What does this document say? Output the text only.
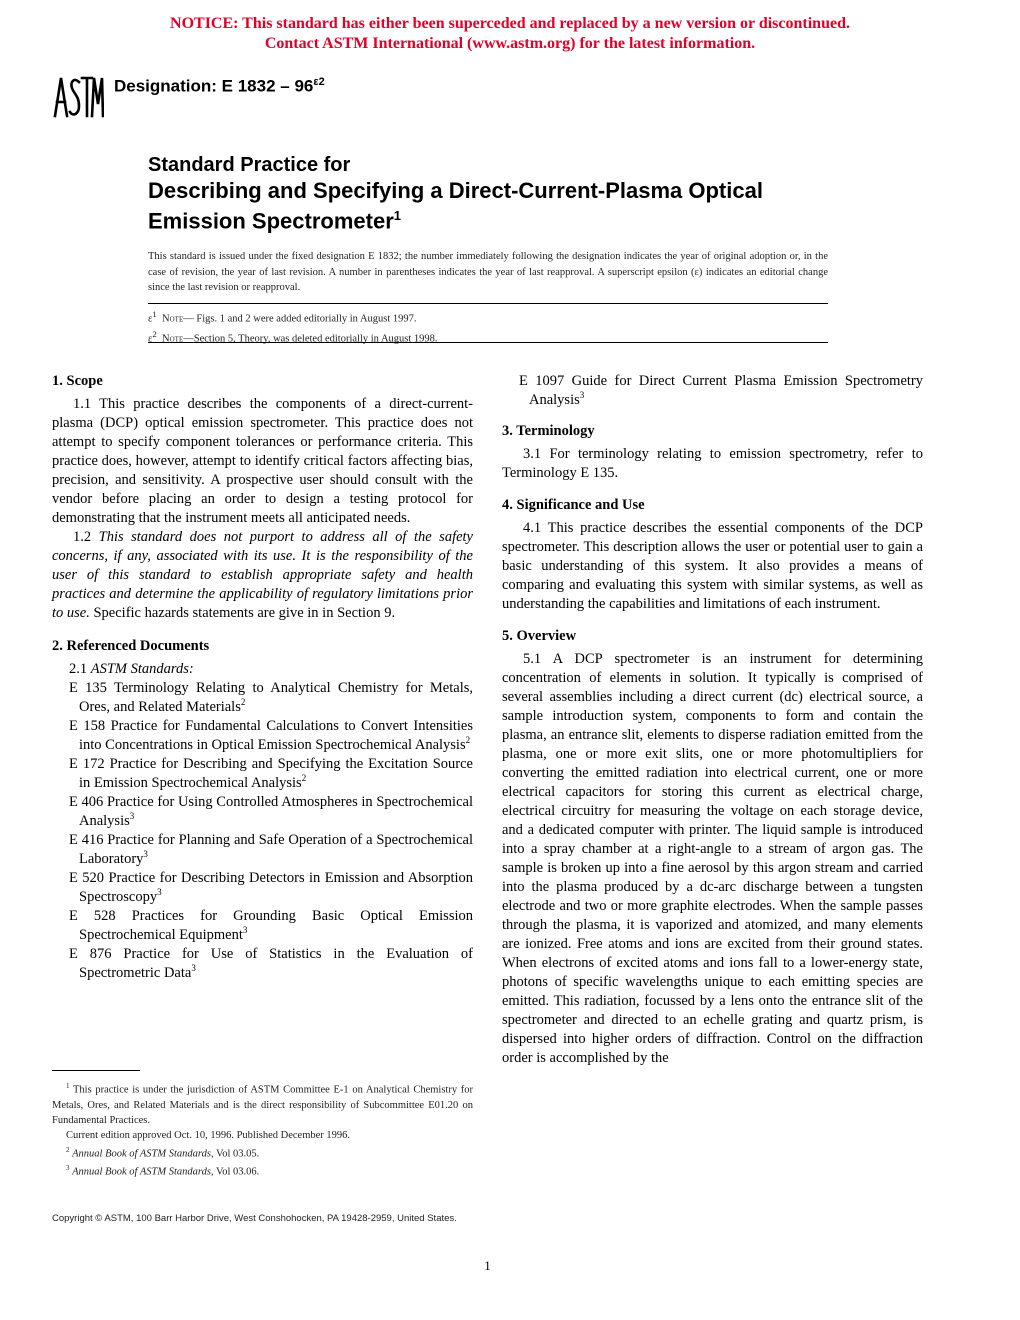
NOTICE: This standard has either been superceded and replaced by a new version or discontinued.
Contact ASTM International (www.astm.org) for the latest information.
Designation: E $1832 - 96^{\varepsilon 2}$
Standard Practice for
Describing and Specifying a Direct-Current-Plasma Optical
Emission Spectrometer$^1$
This standard is issued under the fixed designation E 1832; the number immediately following the designation indicates the year of original adoption or, in the case of revision, the year of last revision. A number in parentheses indicates the year of last reapproval. A superscript epsilon (ε) indicates an editorial change since the last revision or reapproval.
$\varepsilon^1$ Note— Figs. 1 and 2 were added editorially in August 1997.
$\varepsilon^2$ Note—Section 5, Theory, was deleted editorially in August 1998.
1. Scope

1.1 This practice describes the components of a direct-current-plasma (DCP) optical emission spectrometer. This practice does not attempt to specify component tolerances or performance criteria. This practice does, however, attempt to identify critical factors affecting bias, precision, and sensitivity. A prospective user should consult with the vendor before placing an order to design a testing protocol for demonstrating that the instrument meets all anticipated needs.

1.2 This standard does not purport to address all of the safety concerns, if any, associated with its use. It is the responsibility of the user of this standard to establish appropriate safety and health practices and determine the applicability of regulatory limitations prior to use. Specific hazards statements are give in in Section 9.

2. Referenced Documents

2.1 ASTM Standards:

E 135 Terminology Relating to Analytical Chemistry for Metals, Ores, and Related Materials$^2$

E 158 Practice for Fundamental Calculations to Convert Intensities into Concentrations in Optical Emission Spectrochemical Analysis$^2$

E 172 Practice for Describing and Specifying the Excitation Source in Emission Spectrochemical Analysis$^2$

E 406 Practice for Using Controlled Atmospheres in Spectrochemical Analysis$^3$

E 416 Practice for Planning and Safe Operation of a Spectrochemical Laboratory$^3$

E 520 Practice for Describing Detectors in Emission and Absorption Spectroscopy$^3$

E 528 Practices for Grounding Basic Optical Emission Spectrochemical Equipment$^3$

E 876 Practice for Use of Statistics in the Evaluation of Spectrometric Data$^3$

E 1097 Guide for Direct Current Plasma Emission Spectrometry Analysis$^3$

3. Terminology

3.1 For terminology relating to emission spectrometry, refer to Terminology E 135.

4. Significance and Use

4.1 This practice describes the essential components of the DCP spectrometer. This description allows the user or potential user to gain a basic understanding of this system. It also provides a means of comparing and evaluating this system with similar systems, as well as understanding the capabilities and limitations of each instrument.

5. Overview

5.1 A DCP spectrometer is an instrument for determining concentration of elements in solution. It typically is comprised of several assemblies including a direct current (dc) electrical source, a sample introduction system, components to form and contain the plasma, an entrance slit, elements to disperse radiation emitted from the plasma, one or more exit slits, one or more photomultipliers for converting the emitted radiation into electrical current, one or more electrical capacitors for storing this current as electrical charge, electrical circuitry for measuring the voltage on each storage device, and a dedicated computer with printer. The liquid sample is introduced into a spray chamber at a right-angle to a stream of argon gas. The sample is broken up into a fine aerosol by this argon stream and carried into the plasma produced by a dc-arc discharge between a tungsten electrode and two or more graphite electrodes. When the sample passes through the plasma, it is vaporized and atomized, and many elements are ionized. Free atoms and ions are excited from their ground states. When electrons of excited atoms and ions fall to a lower-energy state, photons of specific wavelengths unique to each emitting species are emitted. This radiation, focussed by a lens onto the entrance slit of the spectrometer and directed to an echelle grating and quartz prism, is dispersed into higher orders of diffraction. Control on the diffraction order is accomplished by the

$^1$ This practice is under the jurisdiction of ASTM Committee E-1 on Analytical Chemistry for Metals, Ores, and Related Materials and is the direct responsibility of Subcommittee E01.20 on Fundamental Practices.

Current edition approved Oct. 10, 1996. Published December 1996.

$^2$ Annual Book of ASTM Standards, Vol 03.05.

$^3$ Annual Book of ASTM Standards, Vol 03.06.

Copyright © ASTM, 100 Barr Harbor Drive, West Conshohocken, PA 19428-2959, United States.
1
